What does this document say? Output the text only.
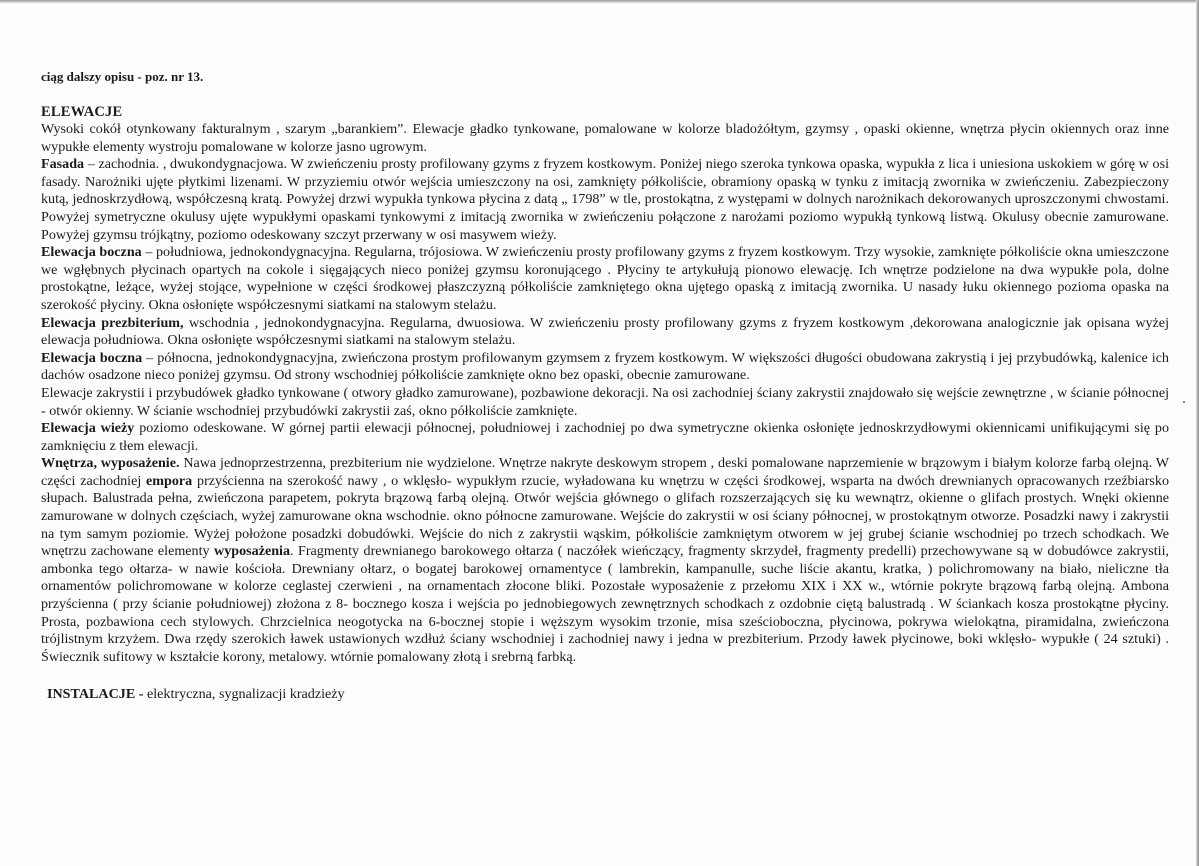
ciąg dalszy opisu - poz. nr 13.

ELEWACJE

Wysoki cokół otynkowany fakturalnym , szarym „barankiem”. Elewacje gładko tynkowane, pomalowane w kolorze bladożółtym, gzymsy , opaski okienne, wnętrza płycin okiennych oraz inne wypukłe elementy wystroju pomalowane w kolorze jasno ugrowym.

Fasada – zachodnia. , dwukondygnacjowa. W zwieńczeniu prosty profilowany gzyms z fryzem kostkowym. Poniżej niego szeroka tynkowa opaska, wypukła z lica i uniesiona uskokiem w górę w osi fasady. Narożniki ujęte płytkimi lizenami. W przyziemiu otwór wejścia umieszczony na osi, zamknięty półkoliście, obramiony opaską w tynku z imitacją zwornika w zwieńczeniu. Zabezpieczony kutą, jednoskrzydłową, współczesną kratą. Powyżej drzwi wypukła tynkowa płycina z datą „ 1798” w tle, prostokątna, z występami w dolnych narożnikach dekorowanych uproszczonymi chwostami. Powyżej symetryczne okulusy ujęte wypukłymi opaskami tynkowymi z imitacją zwornika w zwieńczeniu połączone z narożami poziomo wypukłą tynkową listwą. Okulusy obecnie zamurowane. Powyżej gzymsu trójkątny, poziomo odeskowany szczyt przerwany w osi masywem wieży.

Elewacja boczna – południowa, jednokondygnacyjna. Regularna, trójosiowa. W zwieńczeniu prosty profilowany gzyms z fryzem kostkowym. Trzy wysokie, zamknięte półkoliście okna umieszczone we wgłębnych płycinach opartych na cokole i sięgających nieco poniżej gzymsu koronującego . Płyciny te artykułują pionowo elewację. Ich wnętrze podzielone na dwa wypukłe pola, dolne prostokątne, leżące, wyżej stojące, wypełnione w części środkowej płaszczyzną półkoliście zamkniętego okna ujętego opaską z imitacją zwornika. U nasady łuku okiennego pozioma opaska na szerokość płyciny. Okna osłonięte współczesnymi siatkami na stalowym stelażu.

Elewacja prezbiterium, wschodnia , jednokondygnacyjna. Regularna, dwuosiowa. W zwieńczeniu prosty profilowany gzyms z fryzem kostkowym ,dekorowana analogicznie jak opisana wyżej elewacja południowa. Okna osłonięte współczesnymi siatkami na stalowym stelażu.

Elewacja boczna – północna, jednokondygnacyjna, zwieńczona prostym profilowanym gzymsem z fryzem kostkowym. W większości długości obudowana zakrystią i jej przybudówką, kalenice ich dachów osadzone nieco poniżej gzymsu. Od strony wschodniej półkoliście zamknięte okno bez opaski, obecnie zamurowane.

Elewacje zakrystii i przybudówek gładko tynkowane ( otwory gładko zamurowane), pozbawione dekoracji. Na osi zachodniej ściany zakrystii znajdowało się wejście zewnętrzne , w ścianie północnej - otwór okienny. W ścianie wschodniej przybudówki zakrystii zaś, okno półkoliście zamknięte.

Elewacja wieży poziomo odeskowane. W górnej partii elewacji północnej, południowej i zachodniej po dwa symetryczne okienka osłonięte jednoskrzydłowymi okiennicami unifikującymi się po zamknięciu z tłem elewacji.

Wnętrza, wyposażenie. Nawa jednoprzestrzenna, prezbiterium nie wydzielone. Wnętrze nakryte deskowym stropem , deski pomalowane naprzemienie w brązowym i białym kolorze farbą olejną. W części zachodniej empora przyścienna na szerokość nawy , o wklęsło- wypukłym rzucie, wyładowana ku wnętrzu w części środkowej, wsparta na dwóch drewnianych opracowanych rzeźbiarsko słupach. Balustrada pełna, zwieńczona parapetem, pokryta brązową farbą olejną. Otwór wejścia głównego o glifach rozszerzających się ku wewnątrz, okienne o glifach prostych. Wnęki okienne zamurowane w dolnych częściach, wyżej zamurowane okna wschodnie. okno północne zamurowane. Wejście do zakrystii w osi ściany północnej, w prostokątnym otworze. Posadzki nawy i zakrystii na tym samym poziomie. Wyżej położone posadzki dobudówki. Wejście do nich z zakrystii wąskim, półkoliście zamkniętym otworem w jej grubej ścianie wschodniej po trzech schodkach. We wnętrzu zachowane elementy wyposażenia. Fragmenty drewnianego barokowego ołtarza ( naczółek wieńczący, fragmenty skrzydeł, fragmenty predelli) przechowywane są w dobudówce zakrystii, ambonka tego ołtarza- w nawie kościoła. Drewniany ołtarz, o bogatej barokowej ornamentyce ( lambrekin, kampanulle, suche liście akantu, kratka, ) polichromowany na biało, nieliczne tła ornamentów polichromowane w kolorze ceglastej czerwieni , na ornamentach złocone bliki. Pozostałe wyposażenie z przełomu XIX i XX w., wtórnie pokryte brązową farbą olejną. Ambona przyścienna ( przy ścianie południowej) złożona z 8- bocznego kosza i wejścia po jednobiegowych zewnętrznych schodkach z ozdobnie ciętą balustradą . W ściankach kosza prostokątne płyciny. Prosta, pozbawiona cech stylowych. Chrzcielnica neogotycka na 6-bocznej stopie i węższym wysokim trzonie, misa sześcioboczna, płycinowa, pokrywa wielokątna, piramidalna, zwieńczona trójlistnym krzyżem. Dwa rzędy szerokich ławek ustawionych wzdłuż ściany wschodniej i zachodniej nawy i jedna w prezbiterium. Przody ławek płycinowe, boki wklęsło- wypukłe ( 24 sztuki) . Świecznik sufitowy w kształcie korony, metalowy. wtórnie pomalowany złotą i srebrną farbką.

INSTALACJE - elektryczna, sygnalizacji kradzieży
